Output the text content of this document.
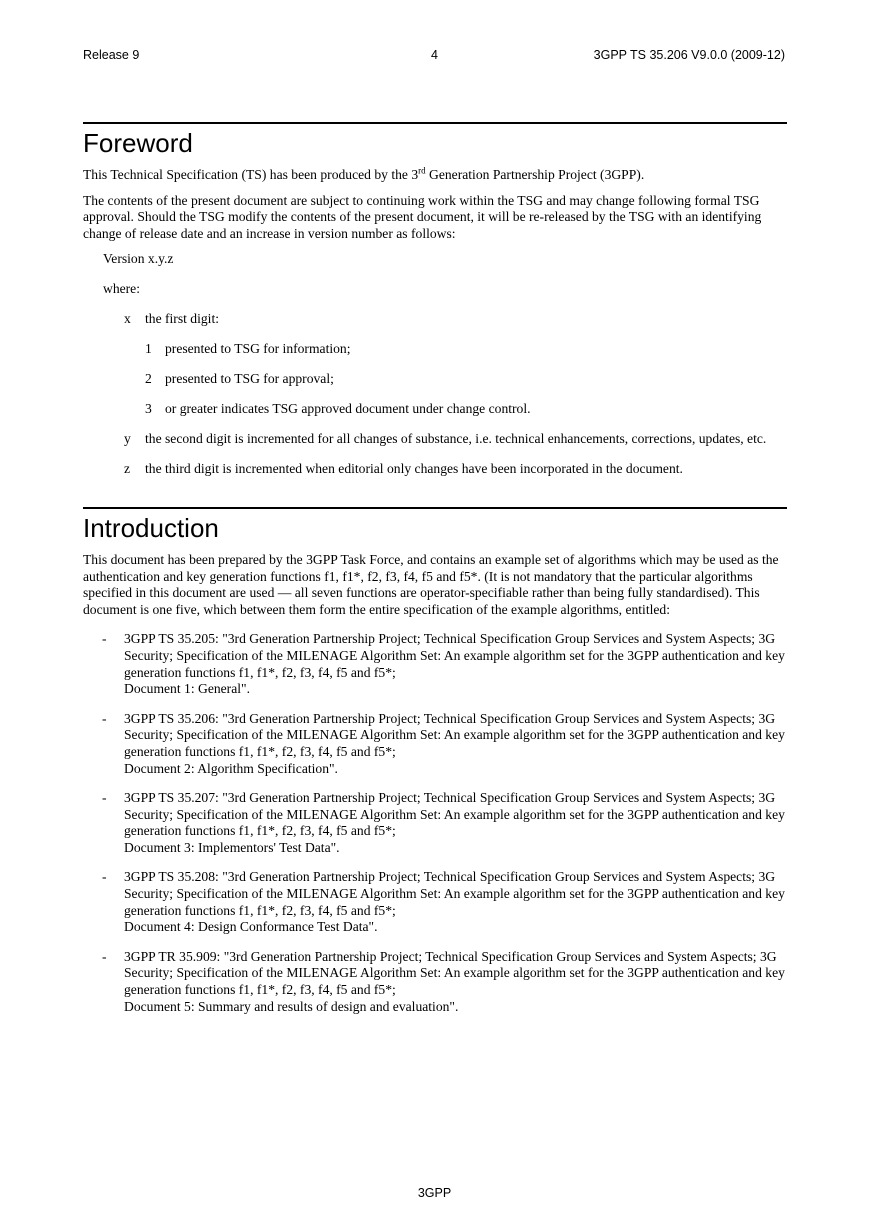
Release 9	4	3GPP TS 35.206 V9.0.0 (2009-12)
Foreword

This Technical Specification (TS) has been produced by the 3rd Generation Partnership Project (3GPP).

The contents of the present document are subject to continuing work within the TSG and may change following formal TSG approval. Should the TSG modify the contents of the present document, it will be re-released by the TSG with an identifying change of release date and an increase in version number as follows:

Version x.y.z
where:
x the first digit:
1 presented to TSG for information;
2 presented to TSG for approval;
3 or greater indicates TSG approved document under change control.
y the second digit is incremented for all changes of substance, i.e. technical enhancements, corrections, updates, etc.
z the third digit is incremented when editorial only changes have been incorporated in the document.
Introduction

This document has been prepared by the 3GPP Task Force, and contains an example set of algorithms which may be used as the authentication and key generation functions f1, f1*, f2, f3, f4, f5 and f5*. (It is not mandatory that the particular algorithms specified in this document are used — all seven functions are operator-specifiable rather than being fully standardised). This document is one five, which between them form the entire specification of the example algorithms, entitled:

- 3GPP TS 35.205: "3rd Generation Partnership Project; Technical Specification Group Services and System Aspects; 3G Security; Specification of the MILENAGE Algorithm Set: An example algorithm set for the 3GPP authentication and key generation functions f1, f1*, f2, f3, f4, f5 and f5*;
Document 1: General".
- 3GPP TS 35.206: "3rd Generation Partnership Project; Technical Specification Group Services and System Aspects; 3G Security; Specification of the MILENAGE Algorithm Set: An example algorithm set for the 3GPP authentication and key generation functions f1, f1*, f2, f3, f4, f5 and f5*;
Document 2: Algorithm Specification".
- 3GPP TS 35.207: "3rd Generation Partnership Project; Technical Specification Group Services and System Aspects; 3G Security; Specification of the MILENAGE Algorithm Set: An example algorithm set for the 3GPP authentication and key generation functions f1, f1*, f2, f3, f4, f5 and f5*;
Document 3: Implementors' Test Data".
- 3GPP TS 35.208: "3rd Generation Partnership Project; Technical Specification Group Services and System Aspects; 3G Security; Specification of the MILENAGE Algorithm Set: An example algorithm set for the 3GPP authentication and key generation functions f1, f1*, f2, f3, f4, f5 and f5*;
Document 4: Design Conformance Test Data".
- 3GPP TR 35.909: "3rd Generation Partnership Project; Technical Specification Group Services and System Aspects; 3G Security; Specification of the MILENAGE Algorithm Set: An example algorithm set for the 3GPP authentication and key generation functions f1, f1*, f2, f3, f4, f5 and f5*;
Document 5: Summary and results of design and evaluation".
3GPP
